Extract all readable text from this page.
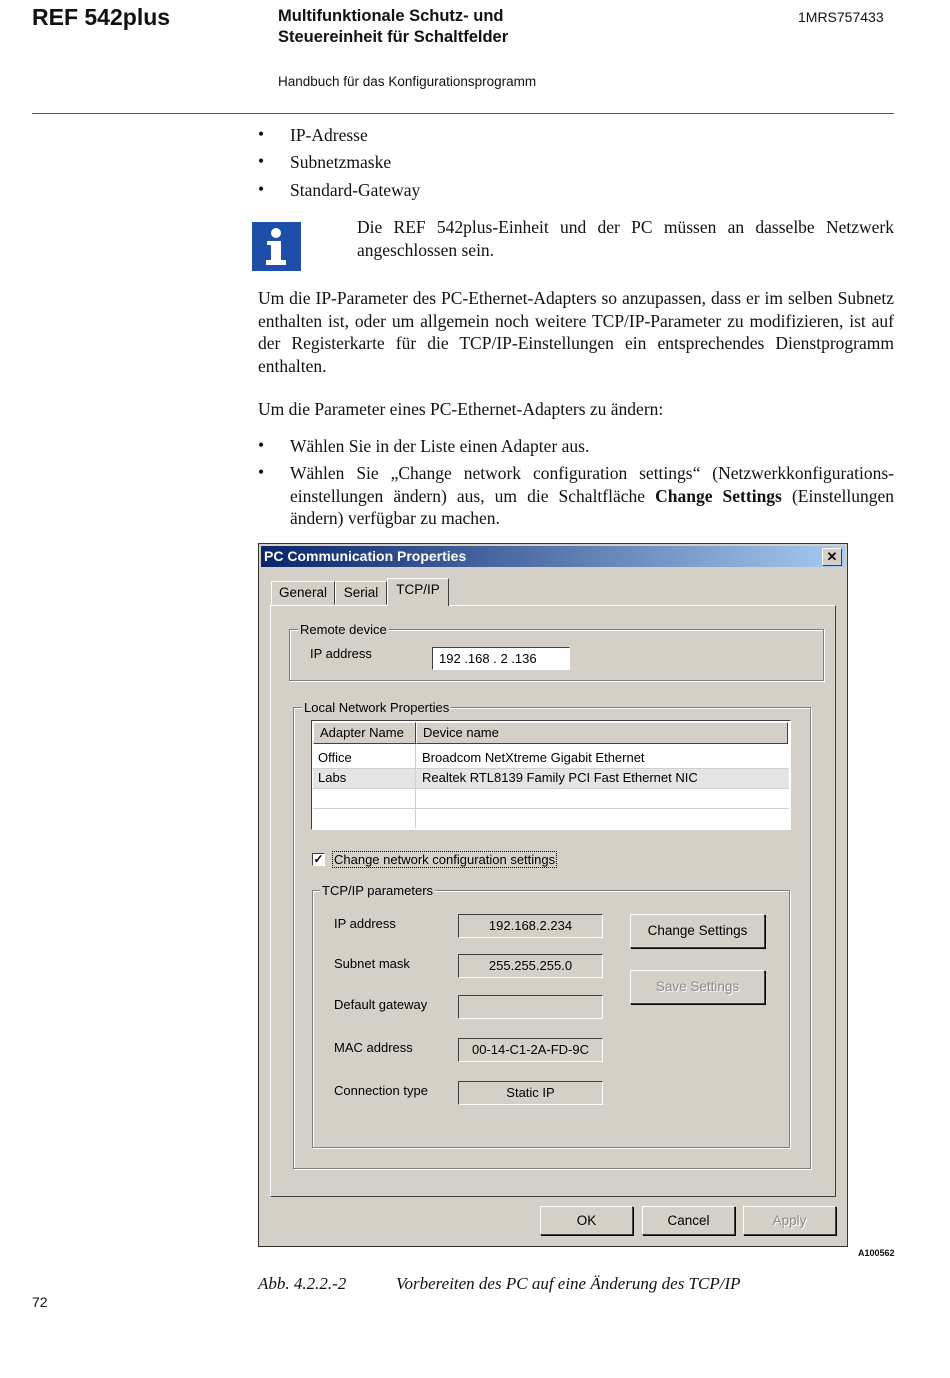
REF 542plus	Multifunktionale Schutz- und
Steuereinheit für Schaltfelder
1MRS757433
Handbuch für das Konfigurationsprogramm
• IP-Adresse
• Subnetzmaske
• Standard-Gateway
Die REF 542plus-Einheit und der PC müssen an dasselbe Netzwerk angeschlossen sein.
Um die IP-Parameter des PC-Ethernet-Adapters so anzupassen, dass er im selben Subnetz enthalten ist, oder um allgemein noch weitere TCP/IP-Parameter zu modifizieren, ist auf der Registerkarte für die TCP/IP-Einstellungen ein entsprechendes Dienstprogramm enthalten.
Um die Parameter eines PC-Ethernet-Adapters zu ändern:
• Wählen Sie in der Liste einen Adapter aus.
• Wählen Sie „Change network configuration settings“ (Netzwerkkonfigurationseinstellungen ändern) aus, um die Schaltfläche Change Settings (Einstellungen ändern) verfügbar zu machen.
PC Communication Properties	✕
General	Serial	TCP/IP
Remote device
IP address	192 .168 . 2 .136
Local Network Properties
Adapter Name	Device name
Office	Broadcom NetXtreme Gigabit Ethernet
Labs	Realtek RTL8139 Family PCI Fast Ethernet NIC
✓ Change network configuration settings
TCP/IP parameters
IP address	192.168.2.234
Subnet mask	255.255.255.0
Default gateway
MAC address	00-14-C1-2A-FD-9C
Connection type	Static IP
Change Settings
Save Settings
OK	Cancel	Apply
A100562
Abb. 4.2.2.-2	Vorbereiten des PC auf eine Änderung des TCP/IP
72
